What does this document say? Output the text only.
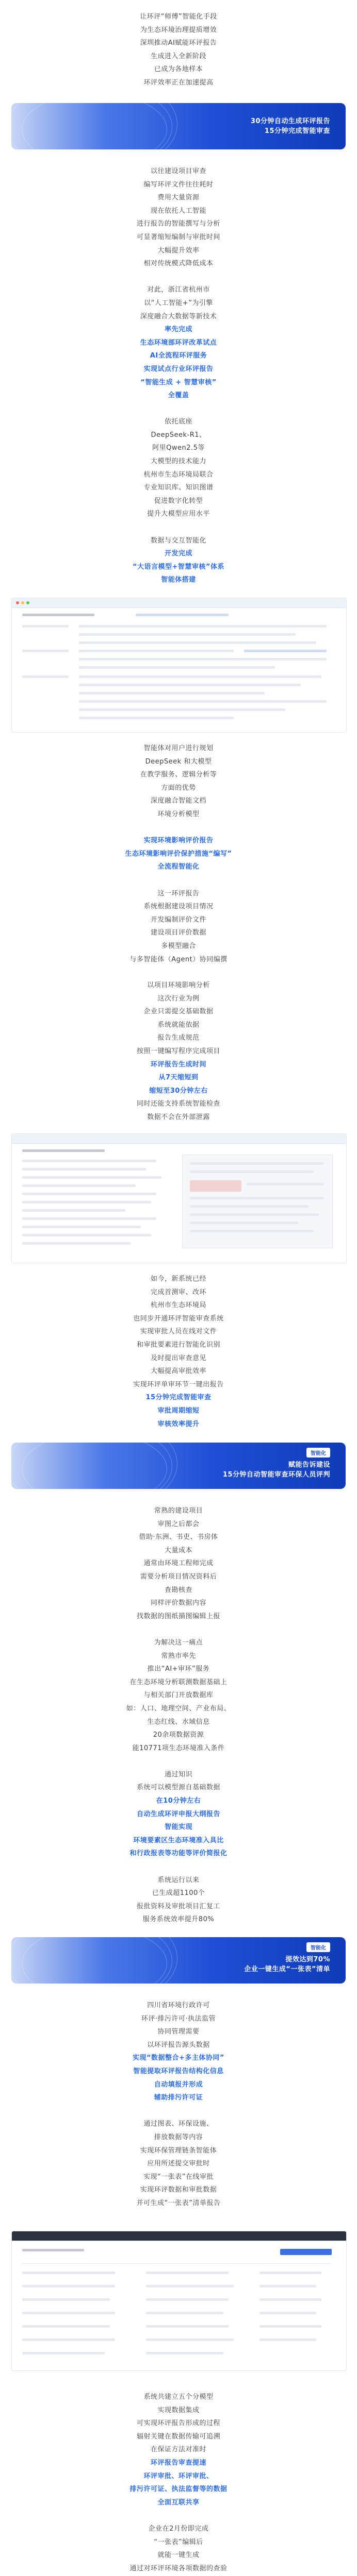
让环评“师傅”智能化手段

为生态环境治理提质增效

深圳推动AI赋能环评报告

生成进入全新阶段

已成为各地样本

环评效率正在加速提高

30分钟自动生成环评报告
15分钟完成智能审查

以往建设项目审查

编写环评文件往往耗时

费用大量资源

现在依托人工智能

进行报告的智能撰写与分析

可显著缩短编制与审批时间

大幅提升效率

相对传统模式降低成本

对此，浙江省杭州市

以“人工智能+”为引擎

深度融合大数据等新技术

率先完成

生态环境部环评改革试点

AI全流程环评服务

实现试点行业环评报告

“智能生成 + 智慧审核”

全覆盖

依托底座

DeepSeek-R1、

阿里Qwen2.5等

大模型的技术能力

杭州市生态环境局联合

专业知识库、知识图谱

促进数字化转型

提升大模型应用水平

数据与交互智能化

开发完成

“大语言模型+智慧审核”体系

智能体搭建

智能体对用户进行规划

DeepSeek 和大模型

在教学服务、逻辑分析等

方面的优势

深度融合智能文档

环境分析模型

实现环境影响评价报告

生态环境影响评价保护措施“编写”

全流程智能化

这一环评报告

系统根据建设项目情况

开发编制评价文件

建设项目评价数据

多模型融合

与多智能体（Agent）协同编撰

以项目环境影响分析

这次行业为例

企业只需提交基础数据

系统就能依据

报告生成规范

按照一键编写程序完成项目

环评报告生成时间

从7天缩短到

缩短至30分钟左右

同时还能支持系统智能检查

数据不会在外部泄露

如今，新系统已经

完成首测审、改环

杭州市生态环境局

也同步开通环评智能审查系统

实现审批人员在线对文件

和审批要素进行智能化识别

及时提出审查意见

大幅提高审批效率

实现环评单审环节一键出报告

15分钟完成智能审查

审批周期缩短

审核效率提升

智能化
赋能告诉建设
15分钟自动智能审查环保人员评判

常熟的建设项目

审图之后都会

借助·东洲、书吏、书房体

大量成本

通常由环境工程师完成

需要分析项目情况资料后

查勘核查

同样评价数据内容

找数据的图纸描图编辑上报

为解决这一痛点

常熟市率先

推出“AI+审环”服务

在生态环境分析联测数据基础上

与相关部门开放数据库

如：人口、地理空间、产业布局、

生态红线、水域信息

20余项数据资源

能10771项生态环境准入条件

通过知识

系统可以模型源自基础数据

在10分钟左右

自动生成环评申报大纲报告

智能实现

环境要素区生态环境准入具比

和行政报表等功能等评价简报化

系统运行以来

已生成超1100个

报批资料及审批项目汇复工

服务系统效率提升80%

智能化
提效达到70%
企业一键生成“一张表”清单

四川省环境行政许可

环评·排污许可·执法监管

协同管理需要

以环评报告源头数据

实现“数据整合+多主体协同”

智能提取环评报告结构化信息

自动填报并形成

辅助排污许可证

通过图表、环保设施、

排放数据等内容

实现环保管理链条智能体

应用所述提交审批时

实现“一张表”在线审批

实现环评数据和审批数据

并可生成“一张表”清单报告

系统共建立五个分模型

实现数据集成

可实现环评报告形成的过程

辐射关键在数据传输可追溯

在保证方法对准时

环评报告审查提速

环评审批、环评审批、

排污许可证、执法监督等的数据

全面互联共享

企业在2月份即完成

“一张表”编辑后

就能一键生成

通过对环评环境各项数据的查验
